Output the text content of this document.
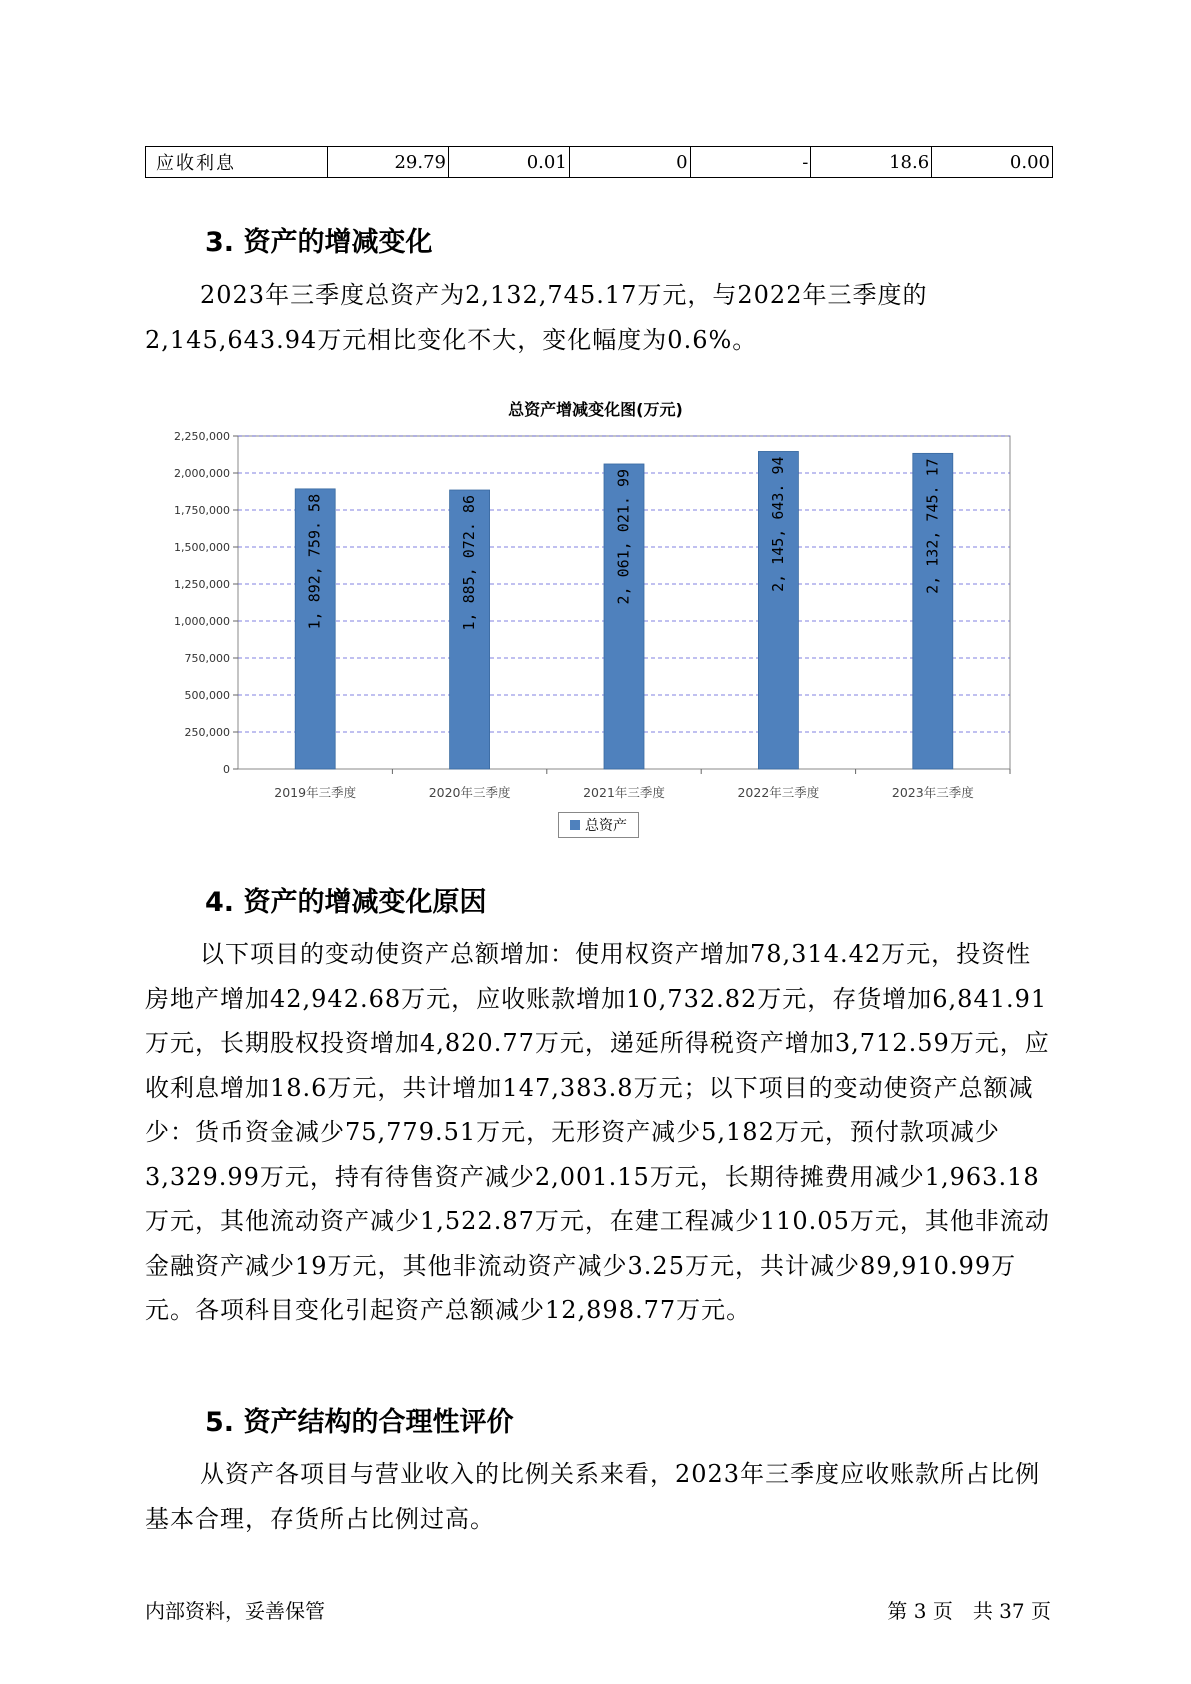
应收利息	29.79	0.01	0	-	18.6	0.00
3. 资产的增减变化

2023年三季度总资产为2,132,745.17万元，与2022年三季度的2,145,643.94万元相比变化不大，变化幅度为0.6%。

总资产增减变化图(万元)
0
250,000
500,000
750,000
1,000,000
1,250,000
1,500,000
1,750,000
2,000,000
2,250,000
1, 892, 759. 58
2019年三季度
1, 885, 072. 86
2020年三季度
2, 061, 021. 99
2021年三季度
2, 145, 643. 94
2022年三季度
2, 132, 745. 17
2023年三季度
总资产
4. 资产的增减变化原因

以下项目的变动使资产总额增加：使用权资产增加78,314.42万元，投资性房地产增加42,942.68万元，应收账款增加10,732.82万元，存货增加6,841.91万元，长期股权投资增加4,820.77万元，递延所得税资产增加3,712.59万元，应收利息增加18.6万元，共计增加147,383.8万元；以下项目的变动使资产总额减少：货币资金减少75,779.51万元，无形资产减少5,182万元，预付款项减少3,329.99万元，持有待售资产减少2,001.15万元，长期待摊费用减少1,963.18万元，其他流动资产减少1,522.87万元，在建工程减少110.05万元，其他非流动金融资产减少19万元，其他非流动资产减少3.25万元，共计减少89,910.99万元。各项科目变化引起资产总额减少12,898.77万元。

5. 资产结构的合理性评价

从资产各项目与营业收入的比例关系来看，2023年三季度应收账款所占比例基本合理，存货所占比例过高。

内部资料，妥善保管	第 3 页　共 37 页
